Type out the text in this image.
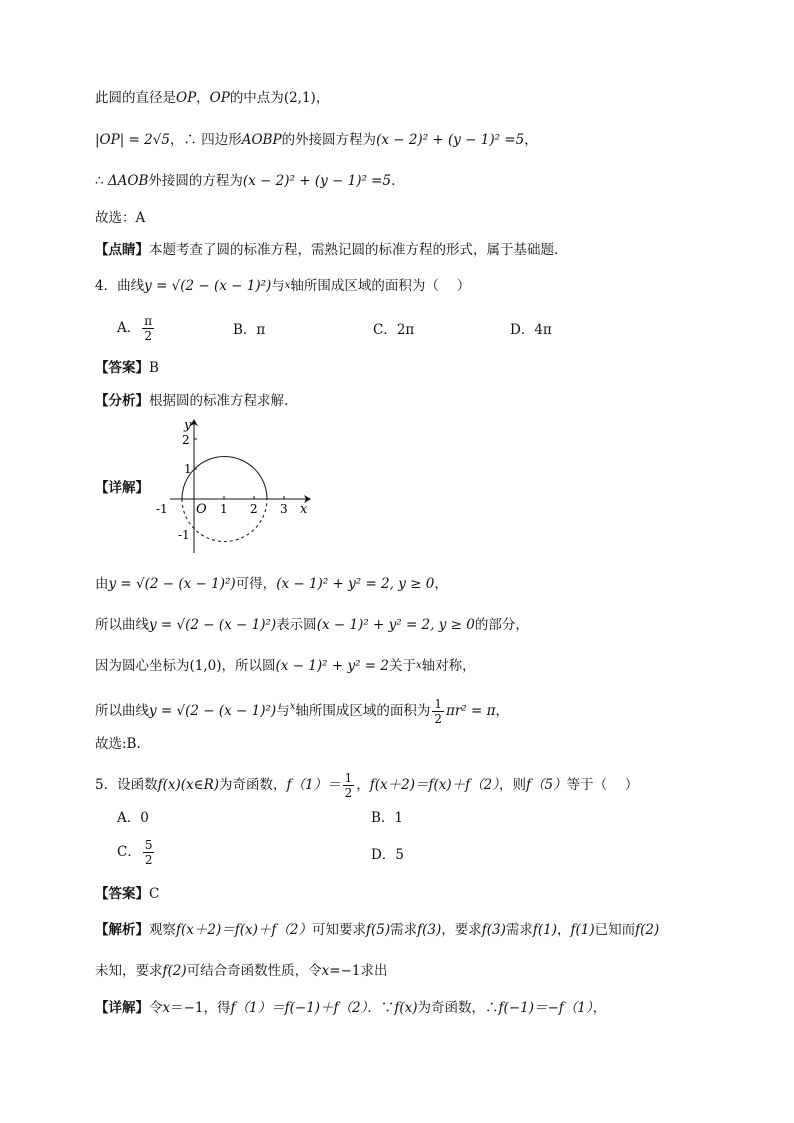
此圆的直径是OP，OP的中点为(2,1)，
|OP| = 2√5，∴ 四边形AOBP的外接圆方程为(x − 2)² + (y − 1)² =5，
∴ ΔAOB外接圆的方程为(x − 2)² + (y − 1)² =5.
故选：A
【点睛】本题考查了圆的标准方程，需熟记圆的标准方程的形式，属于基础题.
4．曲线y = √(2 − (x − 1)²)与$^x$轴所围成区域的面积为（　 ）
A． $\frac{\pi}{2}$	B．π	C．2π	D．4π
【答案】B
【分析】根据圆的标准方程求解.
【详解】
y
x
O
-1	1 2 3
2
1
-1
由y = √(2 − (x − 1)²)可得，(x − 1)² + y² = 2, y ≥ 0，
所以曲线y = √(2 − (x − 1)²)表示圆(x − 1)² + y² = 2, y ≥ 0的部分，
因为圆心坐标为(1,0)，所以圆(x − 1)² + y² = 2关于$^x$轴对称，
所以曲线y = √(2 − (x − 1)²)与$^x$轴所围成区域的面积为 $\frac{1}{2} \pi r^2 = \pi$，
故选:B.
5．设函数f(x)(x∈R)为奇函数，$f(1)= \frac{1}{2}$ ，f(x＋2)＝f(x)＋f（2），则f（5）等于（　 ）
A．0	B．1
C． $\frac{5}{2}$	D．5
【答案】C
【解析】观察f(x＋2)＝f(x)＋f（2）可知要求f(5)需求f(3)，要求f(3)需求f(1)，f(1)已知而f(2)
未知，要求f(2)可结合奇函数性质，令x=−1求出
【详解】令x＝−1，得f（1）＝f(−1)＋f（2）．∵f(x)为奇函数，∴f(−1)＝−f（1），
